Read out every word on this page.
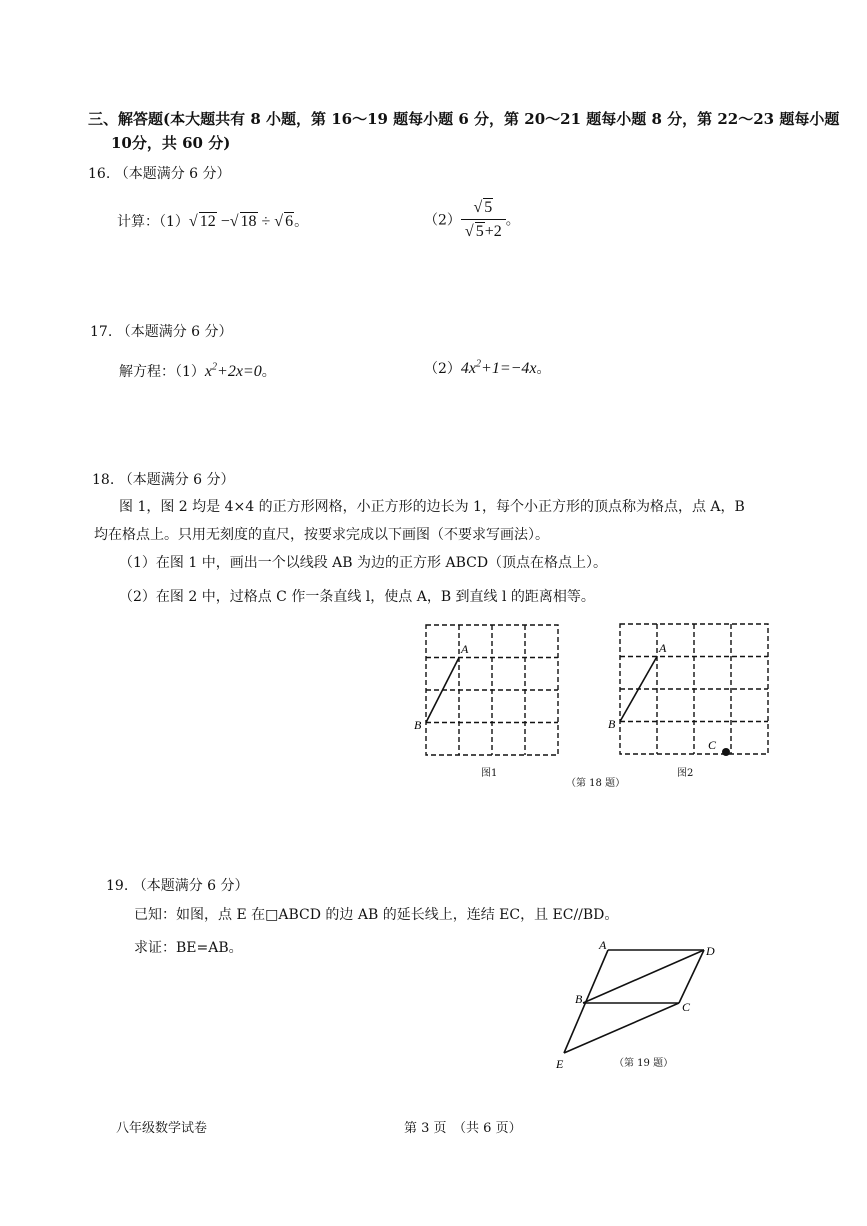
三、解答题(本大题共有 8 小题，第 16～19 题每小题 6 分，第 20～21 题每小题 8 分，第 22～23 题每小题
10分，共 60 分)
16. （本题满分 6 分）
计算：（1）√ 12 −√ 18 ÷ √ 6。	$(2) \frac{√ 5}{√ 5+2}$ 。
17. （本题满分 6 分）
解方程：$(1)x^2+2x=0$。	$(2)4x^2+1=-4x$。
18. （本题满分 6 分）
图 1，图 2 均是 4×4 的正方形网格，小正方形的边长为 1，每个小正方形的顶点称为格点，点 A，B
均在格点上。只用无刻度的直尺，按要求完成以下画图（不要求写画法）。
（1）在图 1 中，画出一个以线段 AB 为边的正方形 ABCD（顶点在格点上）。
（2）在图 2 中，过格点 C 作一条直线 l，使点 A，B 到直线 l 的距离相等。
A
B
A
B
C
图1	图2
（第 18 题）
19. （本题满分 6 分）
已知：如图，点 E 在□ABCD 的边 AB 的延长线上，连结 EC，且 EC//BD。
求证：BE=AB。	A	D
B
C
E	（第 19 题）
八年级数学试卷	第 3 页　（共 6 页）
